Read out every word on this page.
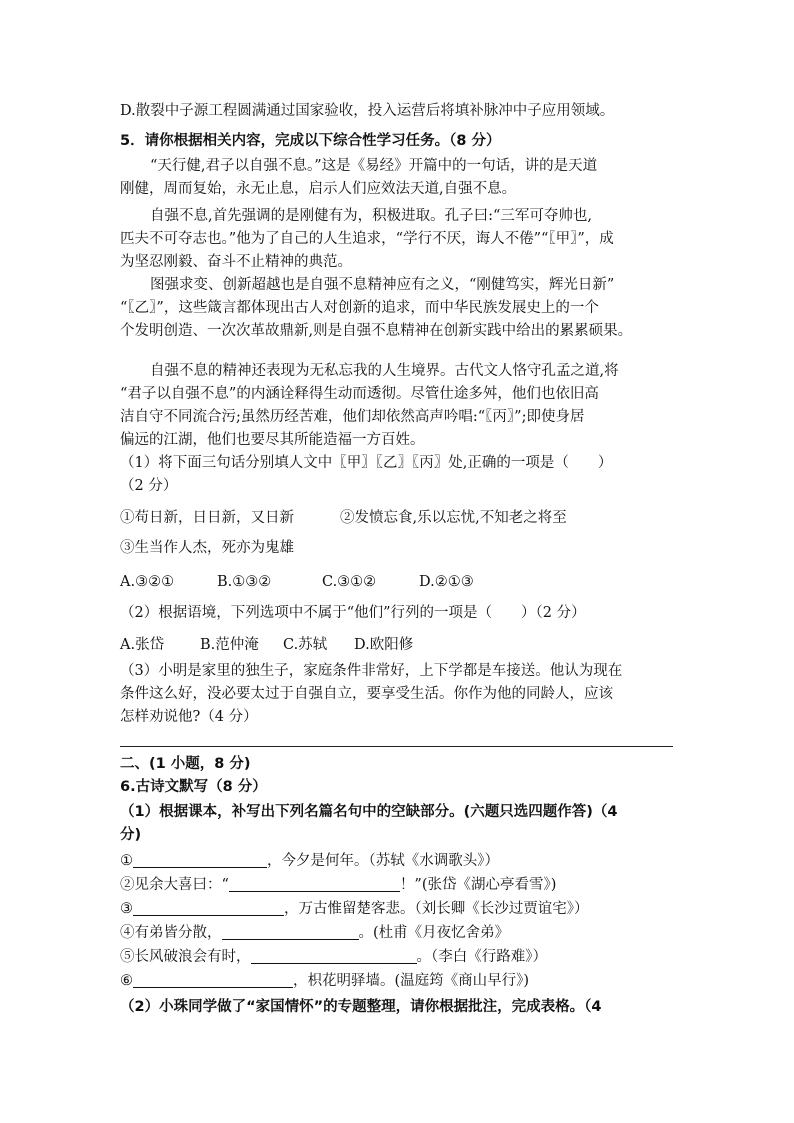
D.散裂中子源工程圆满通过国家验收，投入运营后将填补脉冲中子应用领域。
5．请你根据相关内容，完成以下综合性学习任务。（8 分）
“天行健,君子以自强不息。”这是《易经》开篇中的一句话，讲的是天道
刚健，周而复始，永无止息，启示人们应效法天道,自强不息。
自强不息,首先强调的是刚健有为，积极进取。孔子曰:“三军可夺帅也,
匹夫不可夺志也。”他为了自己的人生追求，“学行不厌，诲人不倦”“〖甲〗”，成
为坚忍刚毅、奋斗不止精神的典范。
图强求变、创新超越也是自强不息精神应有之义，“刚健笃实，辉光日新”
“〖乙〗”，这些箴言都体现出古人对创新的追求，而中华民族发展史上的一个
个发明创造、一次次革故鼎新,则是自强不息精神在创新实践中给出的累累硕果。
自强不息的精神还表现为无私忘我的人生境界。古代文人恪守孔孟之道,将
“君子以自强不息”的内涵诠释得生动而透彻。尽管仕途多舛，他们也依旧高
洁自守不同流合污;虽然历经苦难，他们却依然高声吟唱:“〖丙〗”;即使身居
偏远的江湖，他们也要尽其所能造福一方百姓。
（1）将下面三句话分别填人文中〖甲〗〖乙〗〖丙〗处,正确的一项是（　　）
（2 分）
①苟日新，日日新，又日新	②发愤忘食,乐以忘忧,不知老之将至
③生当作人杰，死亦为鬼雄
A.③②①	B.①③②	C.③①②	D.②①③
（2）根据语境，下列选项中不属于“他们”行列的一项是（　　）（2 分）
A.张岱 B.范仲淹 C.苏轼 D.欧阳修
（3）小明是家里的独生子，家庭条件非常好，上下学都是车接送。他认为现在
条件这么好，没必要太过于自强自立，要享受生活。你作为他的同龄人，应该
怎样劝说他?（4 分）
二、(1 小题，8 分)
6.古诗文默写（8 分）
（1）根据课本，补写出下列名篇名句中的空缺部分。(六题只选四题作答)（4
分)
①	，今夕是何年。（苏轼《水调歌头》）
②见余大喜曰：“	！”(张岱《湖心亭看雪》)
③	，万古惟留楚客悲。（刘长卿《长沙过贾谊宅》）
④有弟皆分散，	。(杜甫《月夜忆舍弟》
⑤长风破浪会有时，	。（李白《行路难》）
⑥	，枳花明驿墙。(温庭筠《商山早行》)
（2）小珠同学做了“家国情怀”的专题整理，请你根据批注，完成表格。（4
